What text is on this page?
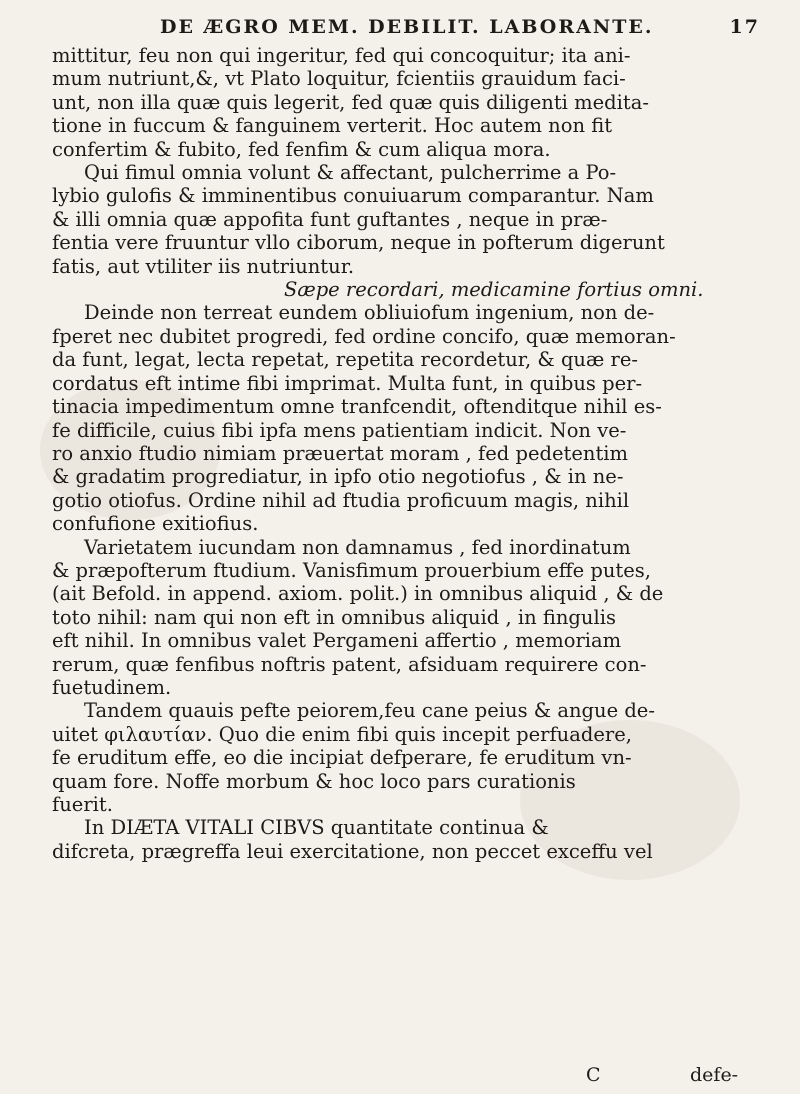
DE ÆGRO MEM. DEBILIT. LABORANTE.	17
mittitur, feu non qui ingeritur, fed qui concoquitur; ita ani-
mum nutriunt,&, vt Plato loquitur, fcientiis grauidum faci-
unt, non illa quæ quis legerit, fed quæ quis diligenti medita-
tione in fuccum & fanguinem verterit. Hoc autem non fit
confertim & fubito, fed fenfim & cum aliqua mora.
Qui fimul omnia volunt & affectant, pulcherrime a Po-
lybio gulofis & imminentibus conuiuarum comparantur. Nam
& illi omnia quæ appofita funt guftantes , neque in præ-
fentia vere fruuntur vllo ciborum, neque in pofterum digerunt
fatis, aut vtiliter iis nutriuntur.
Sæpe recordari, medicamine fortius omni.
Deinde non terreat eundem obliuiofum ingenium, non de-
fperet nec dubitet progredi, fed ordine concifo, quæ memoran-
da funt, legat, lecta repetat, repetita recordetur, & quæ re-
cordatus eft intime fibi imprimat. Multa funt, in quibus per-
tinacia impedimentum omne tranfcendit, oftenditque nihil es-
fe difficile, cuius fibi ipfa mens patientiam indicit. Non ve-
ro anxio ftudio nimiam præuertat moram , fed pedetentim
& gradatim progrediatur, in ipfo otio negotiofus , & in ne-
gotio otiofus. Ordine nihil ad ftudia proficuum magis, nihil
confufione exitiofius.
Varietatem iucundam non damnamus , fed inordinatum
& præpofterum ftudium. Vanisfimum prouerbium effe putes,
(ait Befold. in append. axiom. polit.) in omnibus aliquid , & de
toto nihil: nam qui non eft in omnibus aliquid , in fingulis
eft nihil. In omnibus valet Pergameni affertio , memoriam
rerum, quæ fenfibus noftris patent, afsiduam requirere con-
fuetudinem.
Tandem quauis pefte peiorem,feu cane peius & angue de-
uitet φιλαυτίαν. Quo die enim fibi quis incepit perfuadere,
fe eruditum effe, eo die incipiat defperare, fe eruditum vn-
quam fore. Noffe morbum & hoc loco pars curationis
fuerit.
In DIÆTA VITALI CIBVS quantitate continua &
difcreta, prægreffa leui exercitatione, non peccet exceffu vel
C	defe-
